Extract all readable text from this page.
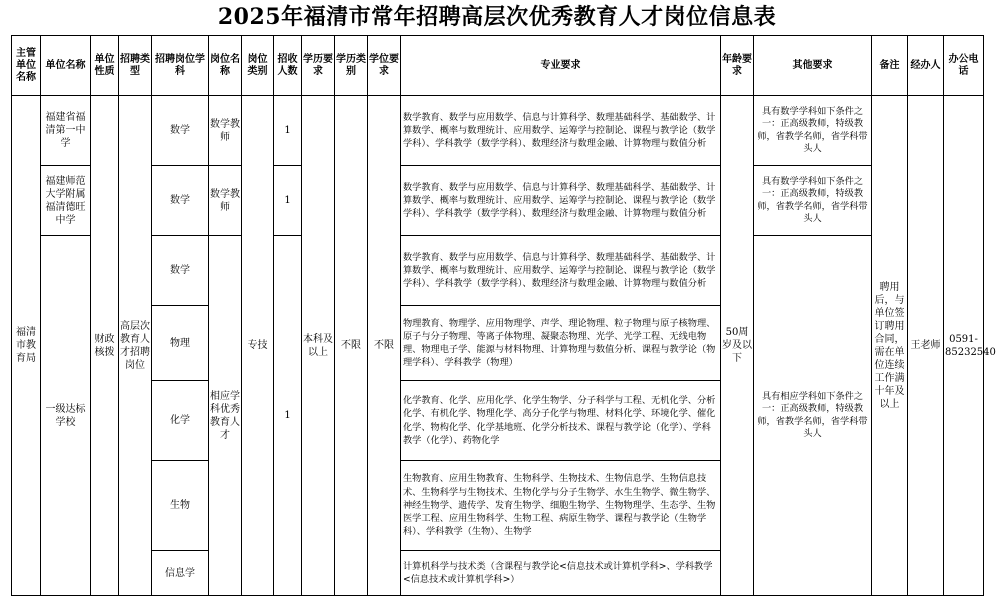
2025年福清市常年招聘高层次优秀教育人才岗位信息表
主管单位名称	单位名称	单位性质	招聘类型	招聘岗位学科	岗位名称	岗位类别	招收人数	学历要求	学历类别	学位要求	专业要求	年龄要求	其他要求	备注	经办人	办公电话
福清市教育局	福建省福清第一中学	财政核拨	高层次教育人才招聘岗位	数学	数学教师	专技	1	本科及以上	不限	不限	数学教育、数学与应用数学、信息与计算科学、数理基础科学、基础数学、计算数学、概率与数理统计、应用数学、运筹学与控制论、课程与教学论（数学学科）、学科教学（数学学科）、数理经济与数理金融、计算物理与数值分析	50周岁及以下	具有数学学科如下条件之一：正高级教师，特级教师，省教学名师，省学科带头人	聘用后，与单位签订聘用合同，需在单位连续工作满十年及以上	王老师	0591-85232540
	福建师范大学附属福清德旺中学			数学	数学教师		1				数学教育、数学与应用数学、信息与计算科学、数理基础科学、基础数学、计算数学、概率与数理统计、应用数学、运筹学与控制论、课程与教学论（数学学科）、学科教学（数学学科）、数理经济与数理金融、计算物理与数值分析		具有数学学科如下条件之一：正高级教师，特级教师，省教学名师，省学科带头人			
	一级达标学校			数学	相应学科优秀教育人才		1				数学教育、数学与应用数学、信息与计算科学、数理基础科学、基础数学、计算数学、概率与数理统计、应用数学、运筹学与控制论、课程与教学论（数学学科）、学科教学（数学学科）、数理经济与数理金融、计算物理与数值分析		具有相应学科如下条件之一：正高级教师，特级教师，省教学名师，省学科带头人			
				物理							物理教育、物理学、应用物理学、声学、理论物理、粒子物理与原子核物理、原子与分子物理、等离子体物理、凝聚态物理、光学、光学工程、无线电物理、物理电子学、能源与材料物理、计算物理与数值分析、课程与教学论（物理学科）、学科教学（物理）					
				化学							化学教育、化学、应用化学、化学生物学、分子科学与工程、无机化学、分析化学、有机化学、物理化学、高分子化学与物理、材料化学、环境化学、催化化学、物构化学、化学基地班、化学分析技术、课程与教学论（化学）、学科教学（化学）、药物化学					
				生物							生物教育、应用生物教育、生物科学、生物技术、生物信息学、生物信息技术、生物科学与生物技术、生物化学与分子生物学、水生生物学、微生物学、神经生物学、遗传学、发育生物学、细胞生物学、生物物理学、生态学、生物医学工程、应用生物科学、生物工程、病原生物学、课程与教学论（生物学科）、学科教学（生物）、生物学					
				信息学							计算机科学与技术类（含课程与教学论<信息技术或计算机学科>、学科教学<信息技术或计算机学科>）					
